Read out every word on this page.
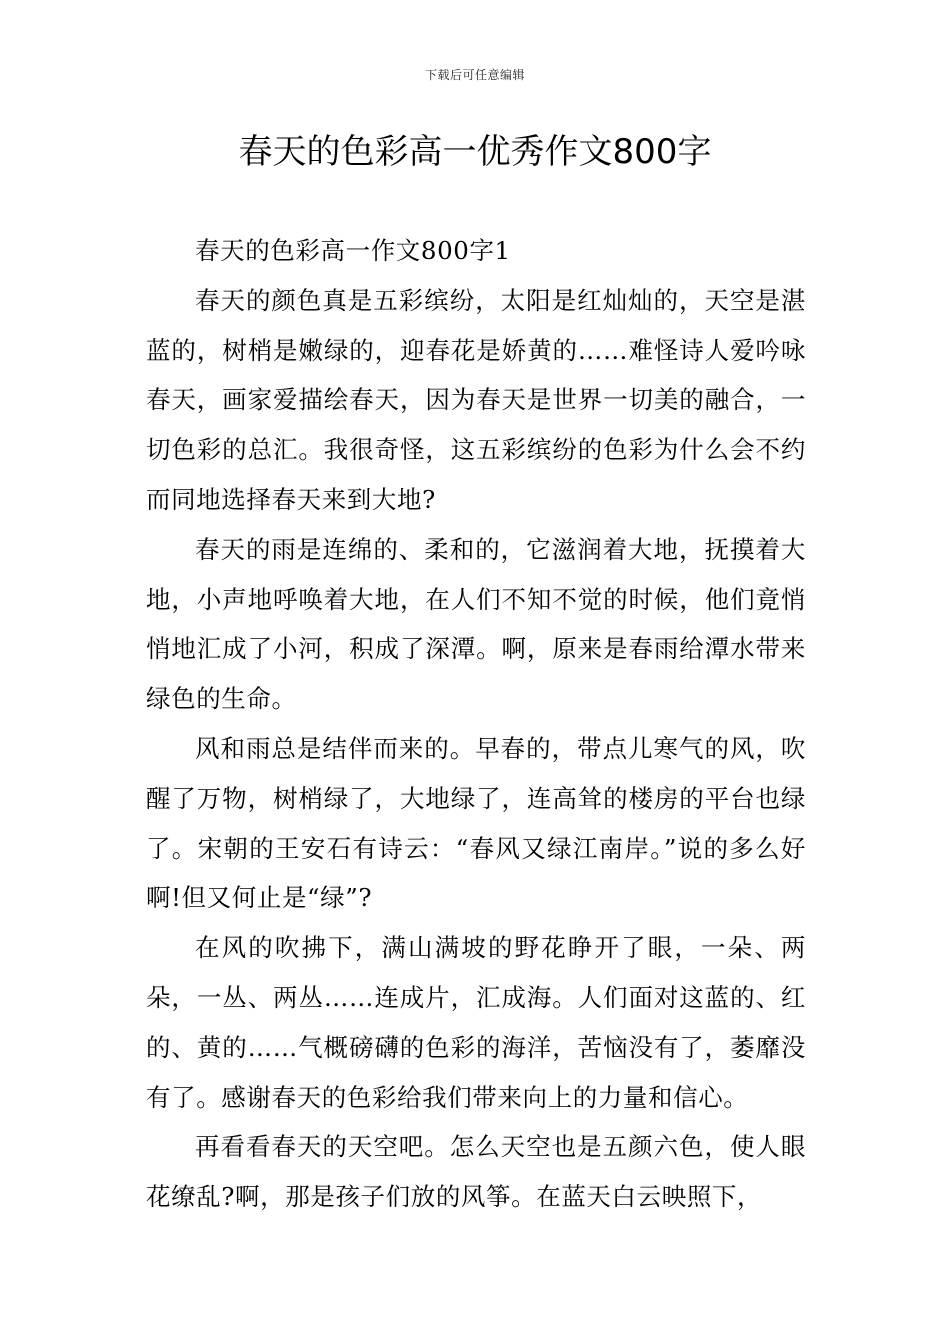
下载后可任意编辑
春天的色彩高一优秀作文800字

春天的色彩高一作文800字1

春天的颜色真是五彩缤纷，太阳是红灿灿的，天空是湛蓝的，树梢是嫩绿的，迎春花是娇黄的……难怪诗人爱吟咏春天，画家爱描绘春天，因为春天是世界一切美的融合，一切色彩的总汇。我很奇怪，这五彩缤纷的色彩为什么会不约而同地选择春天来到大地?

春天的雨是连绵的、柔和的，它滋润着大地，抚摸着大地，小声地呼唤着大地，在人们不知不觉的时候，他们竟悄悄地汇成了小河，积成了深潭。啊，原来是春雨给潭水带来绿色的生命。

风和雨总是结伴而来的。早春的，带点儿寒气的风，吹醒了万物，树梢绿了，大地绿了，连高耸的楼房的平台也绿了。宋朝的王安石有诗云：“春风又绿江南岸。”说的多么好啊!但又何止是“绿”?

在风的吹拂下，满山满坡的野花睁开了眼，一朵、两朵，一丛、两丛……连成片，汇成海。人们面对这蓝的、红的、黄的……气概磅礴的色彩的海洋，苦恼没有了，萎靡没有了。感谢春天的色彩给我们带来向上的力量和信心。

再看看春天的天空吧。怎么天空也是五颜六色，使人眼花缭乱?啊，那是孩子们放的风筝。在蓝天白云映照下，
